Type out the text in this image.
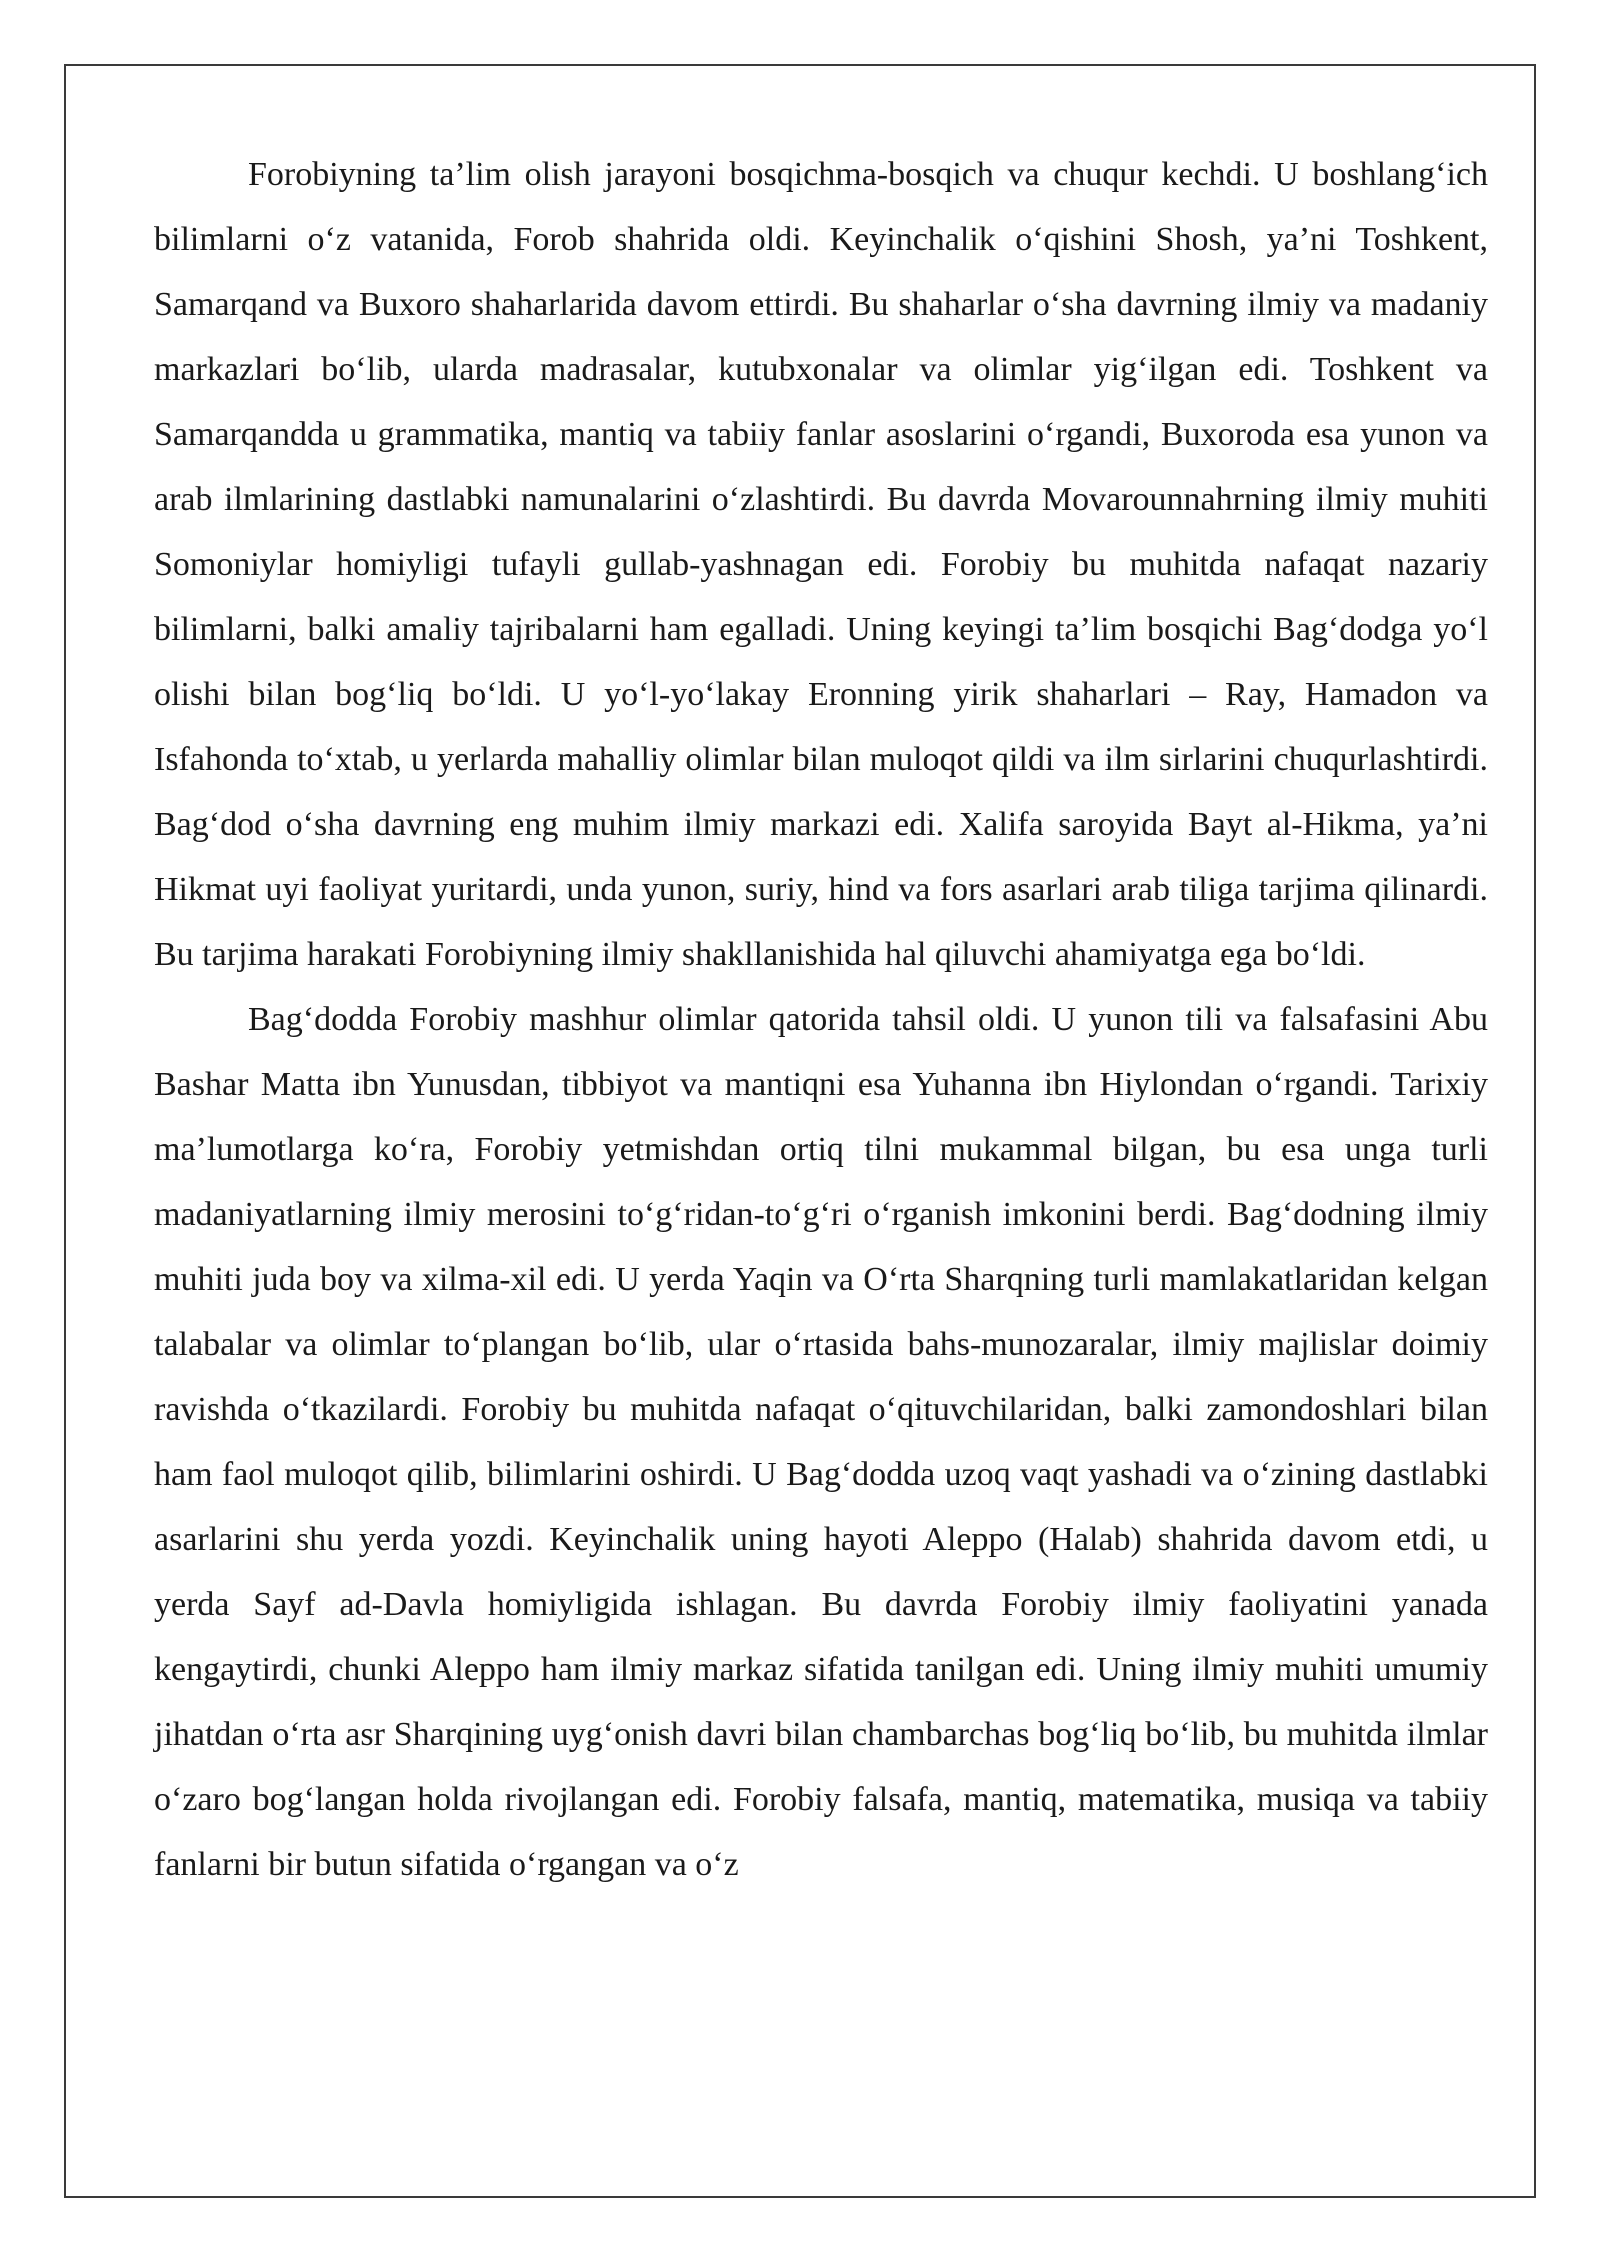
Forobiyning ta’lim olish jarayoni bosqichma-bosqich va chuqur kechdi. U boshlang‘ich bilimlarni o‘z vatanida, Forob shahrida oldi. Keyinchalik o‘qishini Shosh, ya’ni Toshkent, Samarqand va Buxoro shaharlarida davom ettirdi. Bu shaharlar o‘sha davrning ilmiy va madaniy markazlari bo‘lib, ularda madrasalar, kutubxonalar va olimlar yig‘ilgan edi. Toshkent va Samarqandda u grammatika, mantiq va tabiiy fanlar asoslarini o‘rgandi, Buxoroda esa yunon va arab ilmlarining dastlabki namunalarini o‘zlashtirdi. Bu davrda Movarounnahrning ilmiy muhiti Somoniylar homiyligi tufayli gullab-yashnagan edi. Forobiy bu muhitda nafaqat nazariy bilimlarni, balki amaliy tajribalarni ham egalladi. Uning keyingi ta’lim bosqichi Bag‘dodga yo‘l olishi bilan bog‘liq bo‘ldi. U yo‘l-yo‘lakay Eronning yirik shaharlari – Ray, Hamadon va Isfahonda to‘xtab, u yerlarda mahalliy olimlar bilan muloqot qildi va ilm sirlarini chuqurlashtirdi. Bag‘dod o‘sha davrning eng muhim ilmiy markazi edi. Xalifa saroyida Bayt al-Hikma, ya’ni Hikmat uyi faoliyat yuritardi, unda yunon, suriy, hind va fors asarlari arab tiliga tarjima qilinardi. Bu tarjima harakati Forobiyning ilmiy shakllanishida hal qiluvchi ahamiyatga ega bo‘ldi.

Bag‘dodda Forobiy mashhur olimlar qatorida tahsil oldi. U yunon tili va falsafasini Abu Bashar Matta ibn Yunusdan, tibbiyot va mantiqni esa Yuhanna ibn Hiylondan o‘rgandi. Tarixiy ma’lumotlarga ko‘ra, Forobiy yetmishdan ortiq tilni mukammal bilgan, bu esa unga turli madaniyatlarning ilmiy merosini to‘g‘ridan-to‘g‘ri o‘rganish imkonini berdi. Bag‘dodning ilmiy muhiti juda boy va xilma-xil edi. U yerda Yaqin va O‘rta Sharqning turli mamlakatlaridan kelgan talabalar va olimlar to‘plangan bo‘lib, ular o‘rtasida bahs-munozaralar, ilmiy majlislar doimiy ravishda o‘tkazilardi. Forobiy bu muhitda nafaqat o‘qituvchilaridan, balki zamondoshlari bilan ham faol muloqot qilib, bilimlarini oshirdi. U Bag‘dodda uzoq vaqt yashadi va o‘zining dastlabki asarlarini shu yerda yozdi. Keyinchalik uning hayoti Aleppo (Halab) shahrida davom etdi, u yerda Sayf ad-Davla homiyligida ishlagan. Bu davrda Forobiy ilmiy faoliyatini yanada kengaytirdi, chunki Aleppo ham ilmiy markaz sifatida tanilgan edi. Uning ilmiy muhiti umumiy jihatdan o‘rta asr Sharqining uyg‘onish davri bilan chambarchas bog‘liq bo‘lib, bu muhitda ilmlar o‘zaro bog‘langan holda rivojlangan edi. Forobiy falsafa, mantiq, matematika, musiqa va tabiiy fanlarni bir butun sifatida o‘rgangan va o‘z
